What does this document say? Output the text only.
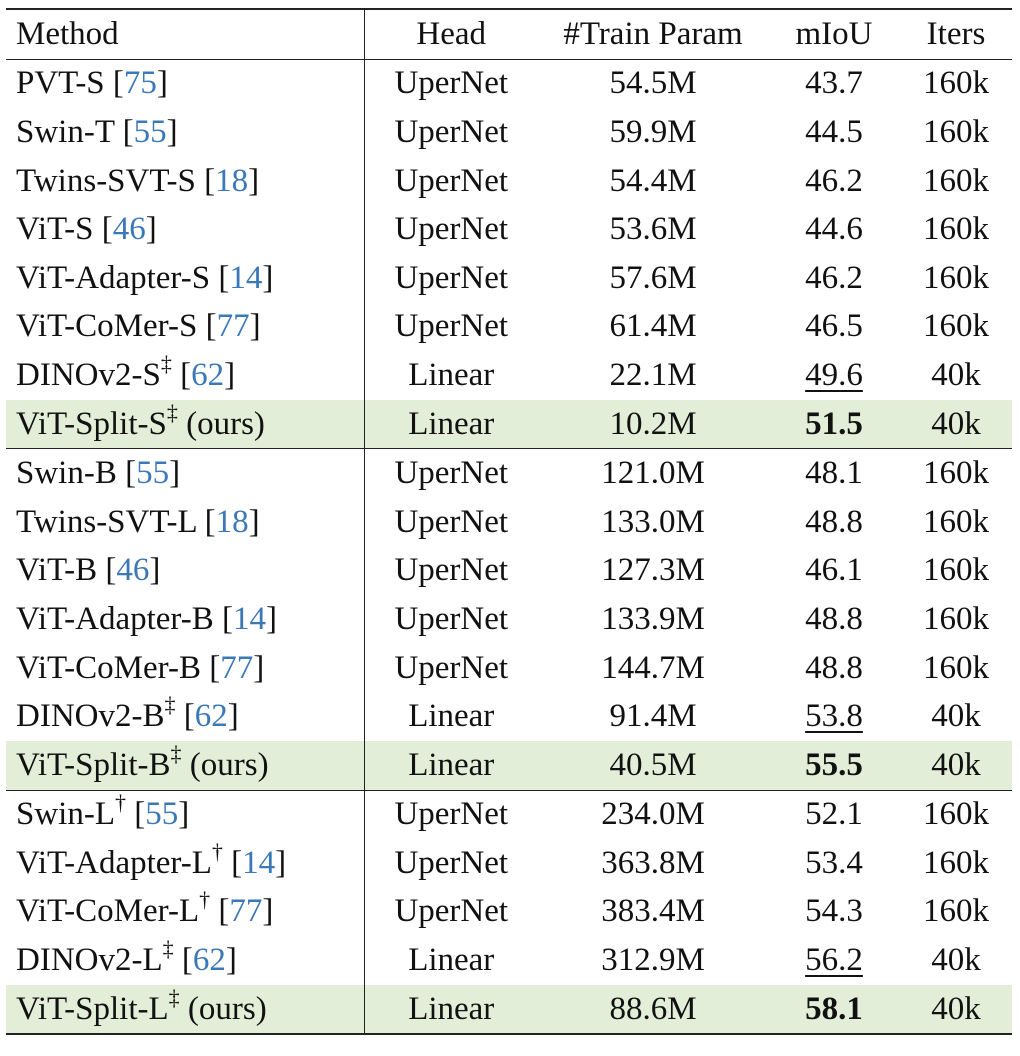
Method	Head	#Train Param	mIoU	Iters
PVT-S [75]	UperNet	54.5M	43.7	160k
Swin-T [55]	UperNet	59.9M	44.5	160k
Twins-SVT-S [18]	UperNet	54.4M	46.2	160k
ViT-S [46]	UperNet	53.6M	44.6	160k
ViT-Adapter-S [14]	UperNet	57.6M	46.2	160k
ViT-CoMer-S [77]	UperNet	61.4M	46.5	160k
DINOv2-S‡ [62]	Linear	22.1M	49.6	40k
ViT-Split-S‡ (ours)	Linear	10.2M	51.5	40k
Swin-B [55]	UperNet	121.0M	48.1	160k
Twins-SVT-L [18]	UperNet	133.0M	48.8	160k
ViT-B [46]	UperNet	127.3M	46.1	160k
ViT-Adapter-B [14]	UperNet	133.9M	48.8	160k
ViT-CoMer-B [77]	UperNet	144.7M	48.8	160k
DINOv2-B‡ [62]	Linear	91.4M	53.8	40k
ViT-Split-B‡ (ours)	Linear	40.5M	55.5	40k
Swin-L† [55]	UperNet	234.0M	52.1	160k
ViT-Adapter-L† [14]	UperNet	363.8M	53.4	160k
ViT-CoMer-L† [77]	UperNet	383.4M	54.3	160k
DINOv2-L‡ [62]	Linear	312.9M	56.2	40k
ViT-Split-L‡ (ours)	Linear	88.6M	58.1	40k
